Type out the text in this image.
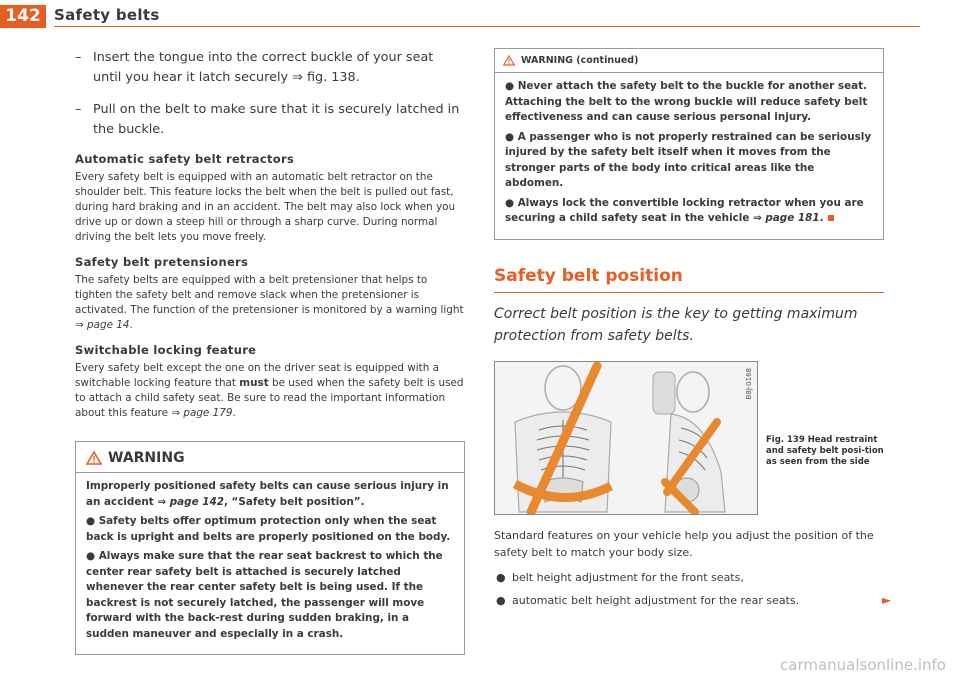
142 Safety belts
– Insert the tongue into the correct buckle of your seat until you hear it latch securely ⇒ fig. 138.
– Pull on the belt to make sure that it is securely latched in the buckle.
Automatic safety belt retractors

Every safety belt is equipped with an automatic belt retractor on the shoulder belt. This feature locks the belt when the belt is pulled out fast, during hard braking and in an accident. The belt may also lock when you drive up or down a steep hill or through a sharp curve. During normal driving the belt lets you move freely.

Safety belt pretensioners

The safety belts are equipped with a belt pretensioner that helps to tighten the safety belt and remove slack when the pretensioner is activated. The function of the pretensioner is monitored by a warning light ⇒ page 14.

Switchable locking feature

Every safety belt except the one on the driver seat is equipped with a switchable locking feature that must be used when the safety belt is used to attach a child safety seat. Be sure to read the important information about this feature ⇒ page 179.

WARNING

Improperly positioned safety belts can cause serious injury in an accident ⇒ page 142, “Safety belt position”.

● Safety belts offer optimum protection only when the seat back is upright and belts are properly positioned on the body.

● Always make sure that the rear seat backrest to which the center rear safety belt is attached is securely latched whenever the rear center safety belt is being used. If the backrest is not securely latched, the passenger will move forward with the back-rest during sudden braking, in a sudden maneuver and especially in a crash.

WARNING (continued)

● Never attach the safety belt to the buckle for another seat. Attaching the belt to the wrong buckle will reduce safety belt effectiveness and can cause serious personal injury.

● A passenger who is not properly restrained can be seriously injured by the safety belt itself when it moves from the stronger parts of the body into critical areas like the abdomen.

● Always lock the convertible locking retractor when you are securing a child safety seat in the vehicle ⇒ page 181.

Safety belt position
Correct belt position is the key to getting maximum protection from safety belts.
B8J-0168
Fig. 139 Head restraint and safety belt posi-tion as seen from the side

Standard features on your vehicle help you adjust the position of the safety belt to match your body size.

● belt height adjustment for the front seats,
● automatic belt height adjustment for the rear seats.	►
carmanualsonline.info
